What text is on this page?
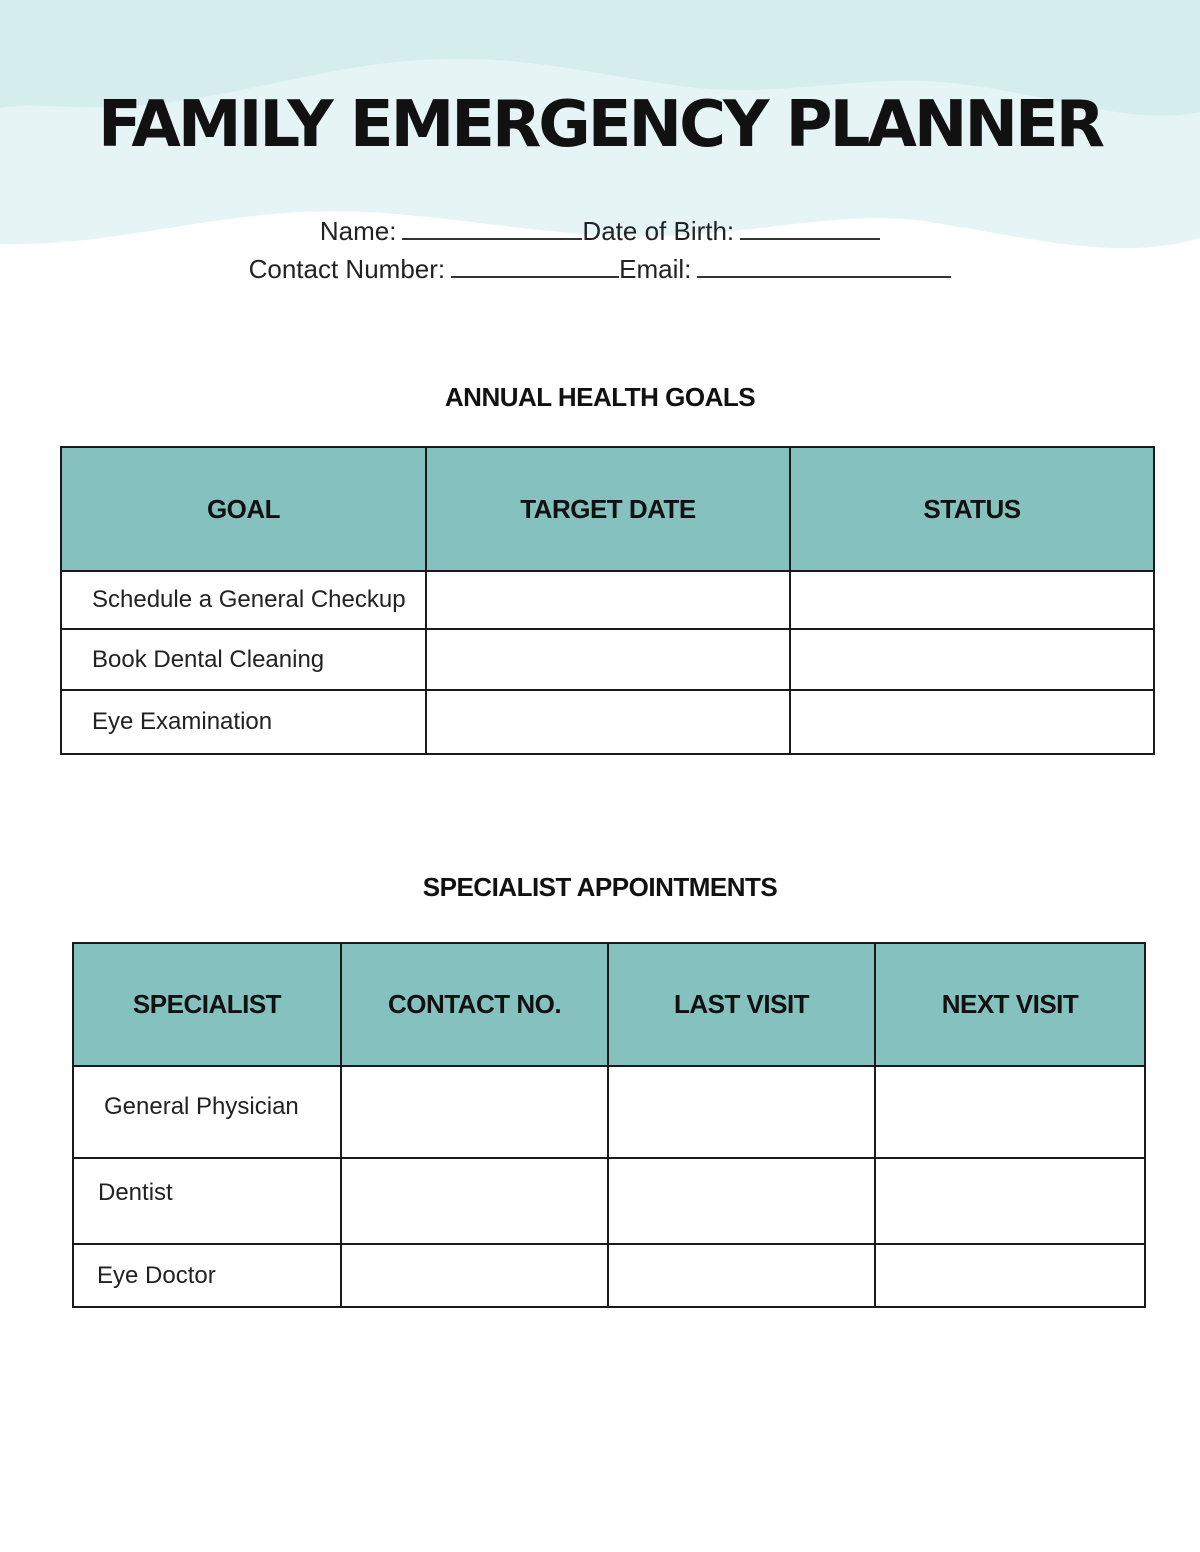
FAMILY EMERGENCY PLANNER
Name:	Date of Birth:
Contact Number:	Email:
ANNUAL HEALTH GOALS
GOAL	TARGET DATE	STATUS
Schedule a General Checkup		
Book Dental Cleaning		
Eye Examination		
SPECIALIST APPOINTMENTS
SPECIALIST	CONTACT NO.	LAST VISIT	NEXT VISIT
General Physician			
Dentist			
Eye Doctor			
